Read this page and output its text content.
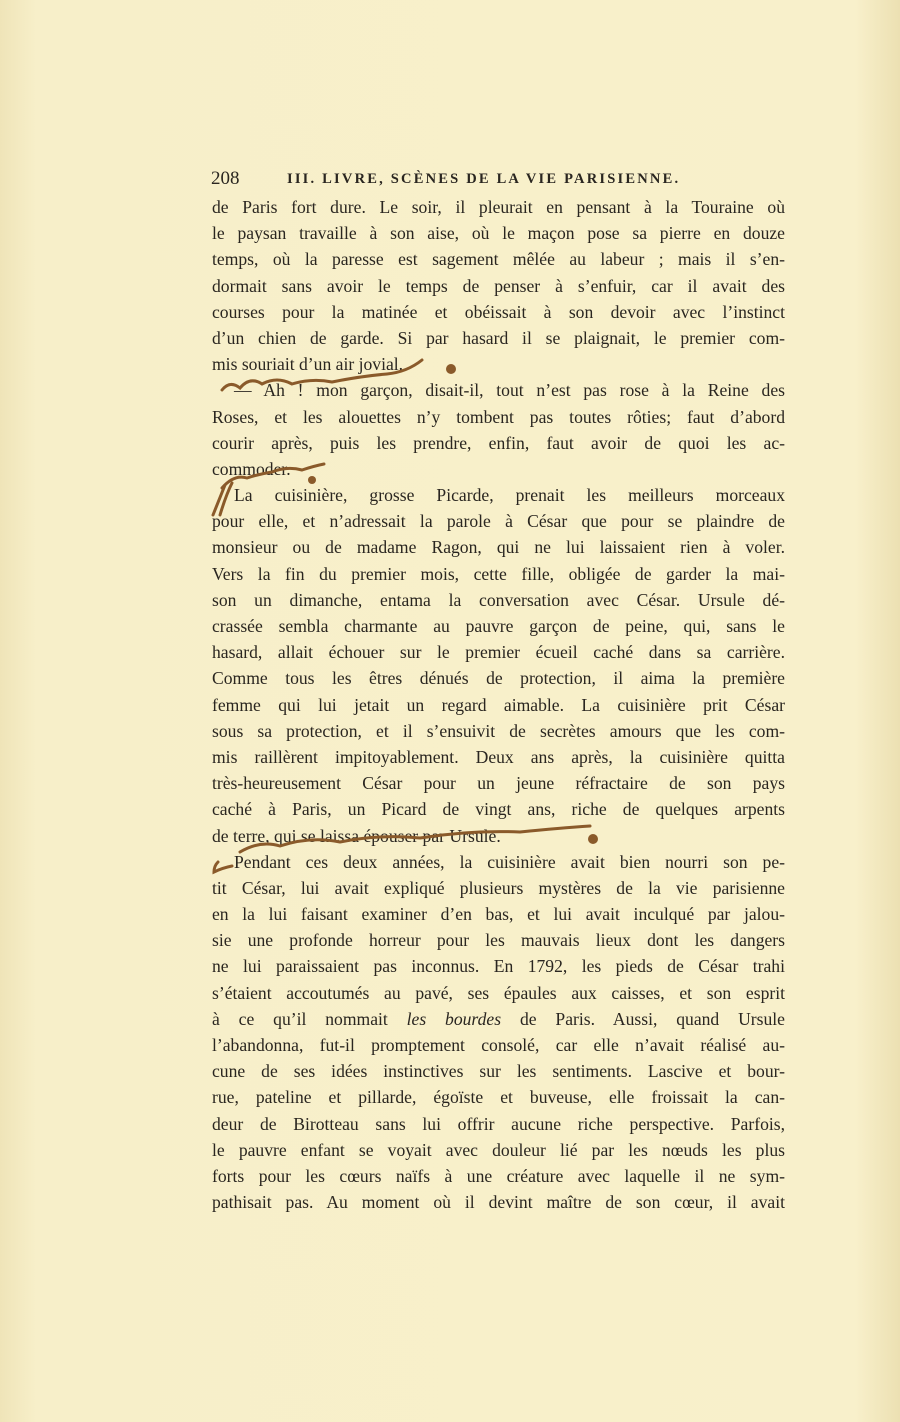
208	III. LIVRE, SCÈNES DE LA VIE PARISIENNE.
de Paris fort dure. Le soir, il pleurait en pensant à la Touraine où
le paysan travaille à son aise, où le maçon pose sa pierre en douze
temps, où la paresse est sagement mêlée au labeur ; mais il s’en-
dormait sans avoir le temps de penser à s’enfuir, car il avait des
courses pour la matinée et obéissait à son devoir avec l’instinct
d’un chien de garde. Si par hasard il se plaignait, le premier com-
mis souriait d’un air jovial.
— Ah ! mon garçon, disait-il, tout n’est pas rose à la Reine des
Roses, et les alouettes n’y tombent pas toutes rôties; faut d’abord
courir après, puis les prendre, enfin, faut avoir de quoi les ac-
commoder.
La cuisinière, grosse Picarde, prenait les meilleurs morceaux
pour elle, et n’adressait la parole à César que pour se plaindre de
monsieur ou de madame Ragon, qui ne lui laissaient rien à voler.
Vers la fin du premier mois, cette fille, obligée de garder la mai-
son un dimanche, entama la conversation avec César. Ursule dé-
crassée sembla charmante au pauvre garçon de peine, qui, sans le
hasard, allait échouer sur le premier écueil caché dans sa carrière.
Comme tous les êtres dénués de protection, il aima la première
femme qui lui jetait un regard aimable. La cuisinière prit César
sous sa protection, et il s’ensuivit de secrètes amours que les com-
mis raillèrent impitoyablement. Deux ans après, la cuisinière quitta
très-heureusement César pour un jeune réfractaire de son pays
caché à Paris, un Picard de vingt ans, riche de quelques arpents
de terre, qui se laissa épouser par Ursule.
Pendant ces deux années, la cuisinière avait bien nourri son pe-
tit César, lui avait expliqué plusieurs mystères de la vie parisienne
en la lui faisant examiner d’en bas, et lui avait inculqué par jalou-
sie une profonde horreur pour les mauvais lieux dont les dangers
ne lui paraissaient pas inconnus. En 1792, les pieds de César trahi
s’étaient accoutumés au pavé, ses épaules aux caisses, et son esprit
à ce qu’il nommait les bourdes de Paris. Aussi, quand Ursule
l’abandonna, fut-il promptement consolé, car elle n’avait réalisé au-
cune de ses idées instinctives sur les sentiments. Lascive et bour-
rue, pateline et pillarde, égoïste et buveuse, elle froissait la can-
deur de Birotteau sans lui offrir aucune riche perspective. Parfois,
le pauvre enfant se voyait avec douleur lié par les nœuds les plus
forts pour les cœurs naïfs à une créature avec laquelle il ne sym-
pathisait pas. Au moment où il devint maître de son cœur, il avait
